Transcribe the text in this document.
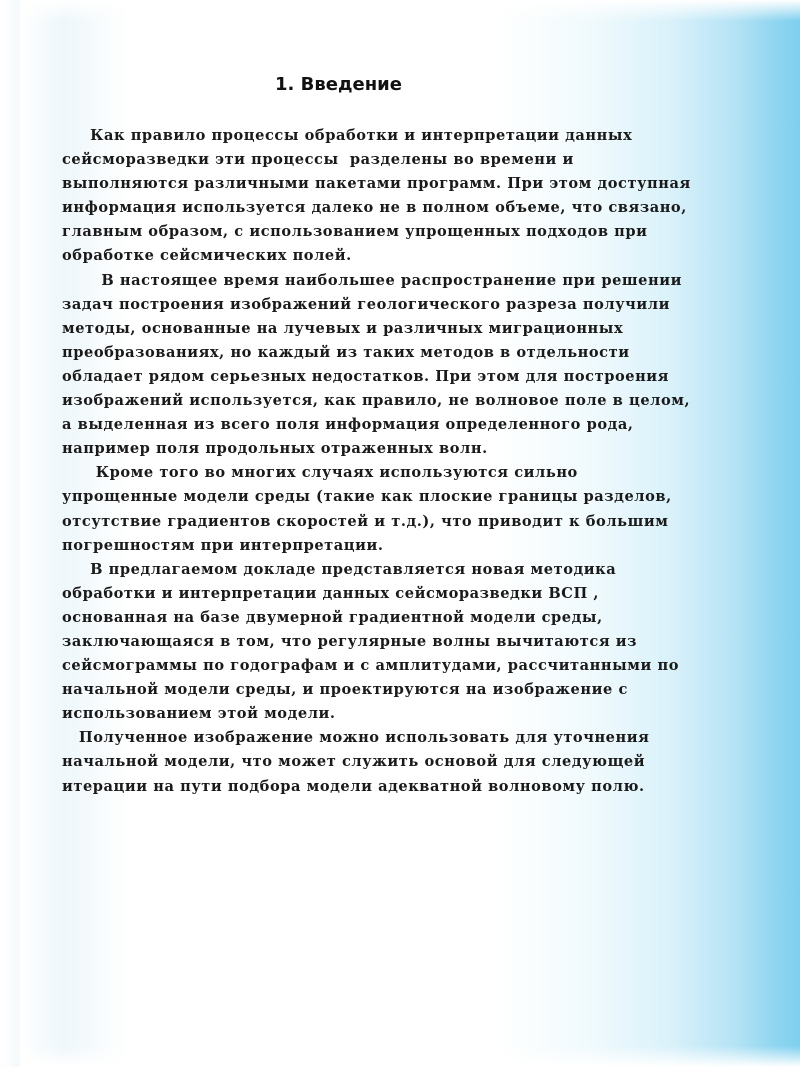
1. Введение
Как правило процессы обработки и интерпретации данных
сейсморазведки эти процессы  разделены во времени и
выполняются различными пакетами программ. При этом доступная
информация используется далеко не в полном объеме, что связано,
главным образом, с использованием упрощенных подходов при
обработке сейсмических полей.
В настоящее время наибольшее распространение при решении
задач построения изображений геологического разреза получили
методы, основанные на лучевых и различных миграционных
преобразованиях, но каждый из таких методов в отдельности
обладает рядом серьезных недостатков. При этом для построения
изображений используется, как правило, не волновое поле в целом,
а выделенная из всего поля информация определенного рода,
например поля продольных отраженных волн.
Кроме того во многих случаях используются сильно
упрощенные модели среды (такие как плоские границы разделов,
отсутствие градиентов скоростей и т.д.), что приводит к большим
погрешностям при интерпретации.
В предлагаемом докладе представляется новая методика
обработки и интерпретации данных сейсморазведки ВСП ,
основанная на базе двумерной градиентной модели среды,
заключающаяся в том, что регулярные волны вычитаются из
сейсмограммы по годографам и с амплитудами, рассчитанными по
начальной модели среды, и проектируются на изображение с
использованием этой модели.
Полученное изображение можно использовать для уточнения
начальной модели, что может служить основой для следующей
итерации на пути подбора модели адекватной волновому полю.
